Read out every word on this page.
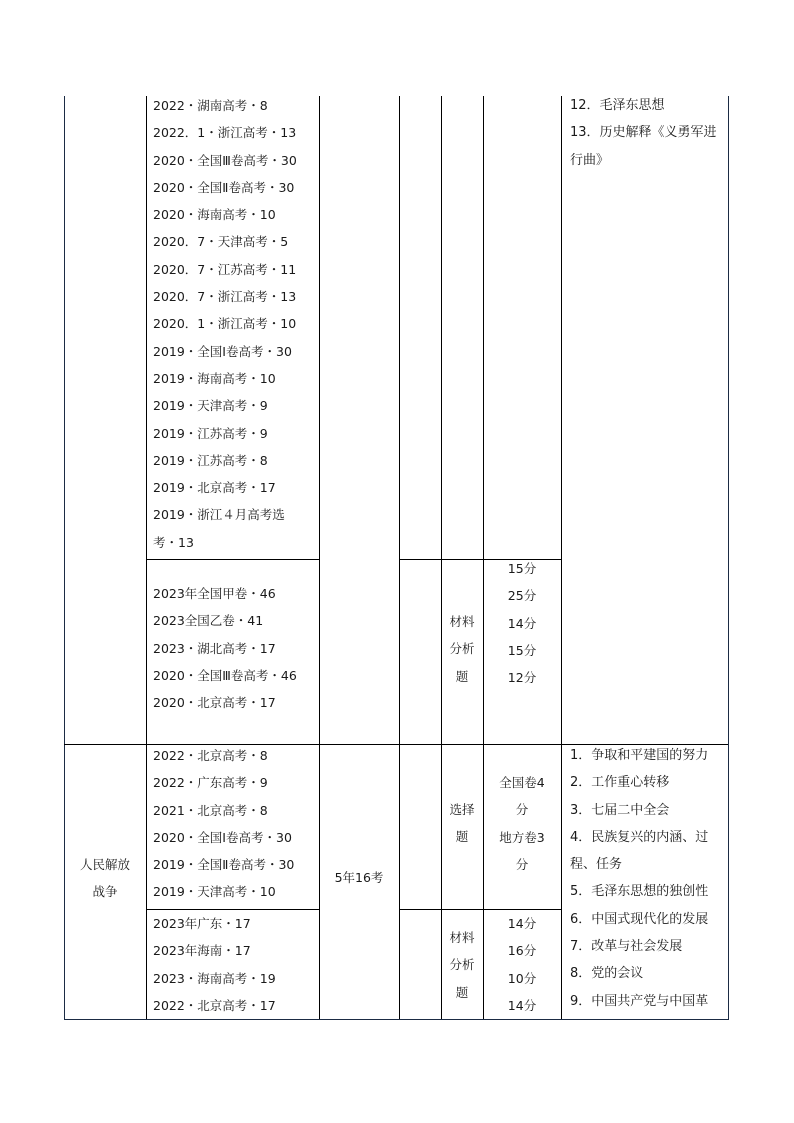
2022・湖南高考・8
2022．1・浙江高考・13
2020・全国Ⅲ卷高考・30
2020・全国Ⅱ卷高考・30
2020・海南高考・10
2020．7・天津高考・5
2020．7・江苏高考・11
2020．7・浙江高考・13
2020．1・浙江高考・10
2019・全国Ⅰ卷高考・30
2019・海南高考・10
2019・天津高考・9
2019・江苏高考・9
2019・江苏高考・8
2019・北京高考・17
2019・浙江４月高考选
考・13
2023年全国甲卷・46
2023全国乙卷・41
2023・湖北高考・17
2020・全国Ⅲ卷高考・46
2020・北京高考・17
材料
分析
题
15分
25分
14分
15分
12分
12．毛泽东思想
13．历史解释《义勇军进
行曲》
人民解放
战争
2022・北京高考・8
2022・广东高考・9
2021・北京高考・8
2020・全国Ⅰ卷高考・30
2019・全国Ⅱ卷高考・30
2019・天津高考・10
5年16考
选择
题
全国卷4
分
地方卷3
分
2023年广东・17
2023年海南・17
2023・海南高考・19
2022・北京高考・17
材料
分析
题
14分
16分
10分
14分
1．争取和平建国的努力
2．工作重心转移
3．七届二中全会
4．民族复兴的内涵、过
程、任务
5．毛泽东思想的独创性
6．中国式现代化的发展
7．改革与社会发展
8．党的会议
9．中国共产党与中国革
